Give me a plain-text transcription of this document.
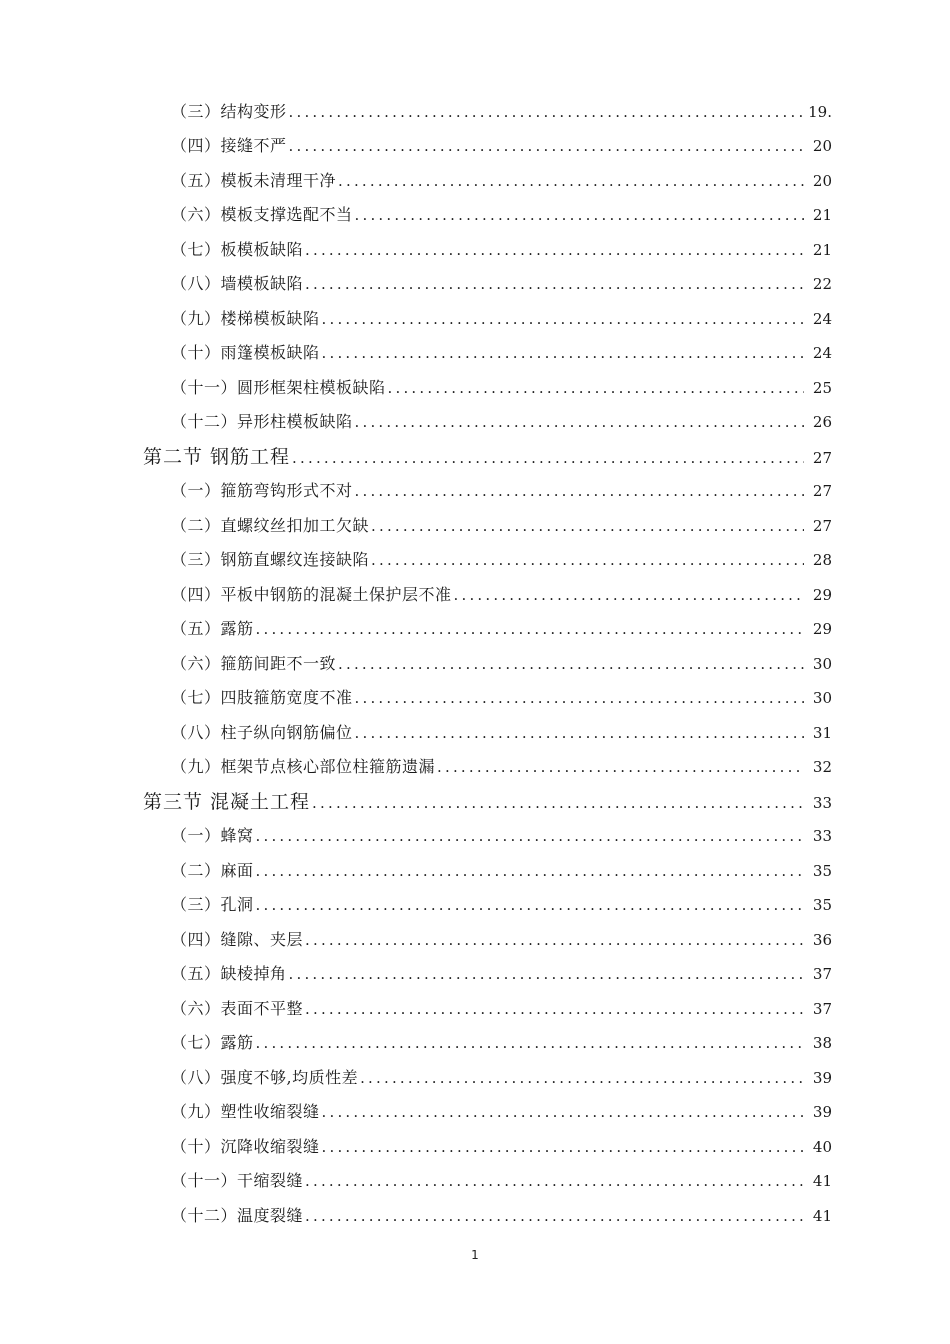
（三）结构变形 .....	19.
（四）接缝不严 .....	20
（五）模板未清理干净 .....	20
（六）模板支撑选配不当 .....	21
（七）板模板缺陷 .....	21
（八）墙模板缺陷 .....	22
（九）楼梯模板缺陷 .....	24
（十）雨篷模板缺陷 .....	24
（十一）圆形框架柱模板缺陷 .....	25
（十二）异形柱模板缺陷 .....	26
第二节 钢筋工程 .....	27
（一）箍筋弯钩形式不对 .....	27
（二）直螺纹丝扣加工欠缺 .....	27
（三）钢筋直螺纹连接缺陷 .....	28
（四）平板中钢筋的混凝土保护层不准 .....	29
（五）露筋 .....	29
（六）箍筋间距不一致 .....	30
（七）四肢箍筋宽度不准 .....	30
（八）柱子纵向钢筋偏位 .....	31
（九）框架节点核心部位柱箍筋遗漏 .....	32
第三节 混凝土工程 .....	33
（一）蜂窝 .....	33
（二）麻面 .....	35
（三）孔洞 .....	35
（四）缝隙、夹层 .....	36
（五）缺棱掉角 .....	37
（六）表面不平整 .....	37
（七）露筋 .....	38
（八）强度不够,均质性差 .....	39
（九）塑性收缩裂缝 .....	39
（十）沉降收缩裂缝 .....	40
（十一）干缩裂缝 .....	41
（十二）温度裂缝 .....	41
1
